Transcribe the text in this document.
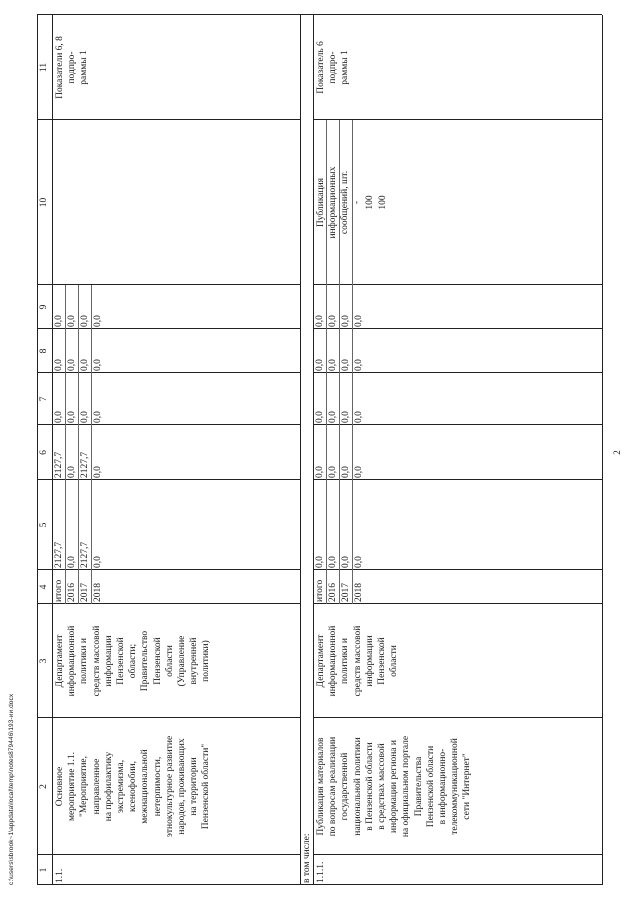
1
2
3
4
5
6
7
8
9
10
11
1.1.
Основное мероприятие 1.1. "Мероприятие, направленное на профилактику экстремизма, ксенофобии, межнациональной нетерпимости, этнокультурное развитие народов, проживающих на территории Пензенской области"
Департамент информационной политики и средств массовой информации Пензенской области; Правительство Пензенской области (Управление внутренней политики)
итого 2016 2017 2018
2127,7 0,0 2127,7 0,0
2127,7 0,0 2127,7 0,0
0,0 0,0 0,0 0,0
0,0 0,0 0,0 0,0
0,0 0,0 0,0 0,0
Показатели 6, 8 подпро- раммы 1
1.1.1.
Публикация материалов по вопросам реализации государственной национальной политики в Пензенской области в средствах массовой информации региона и на официальном портале Правительства Пензенской области в информационно- телекоммуникационной сети "Интернет"
Департамент информационной политики и средств массовой информации Пензенской области
итого 2016 2017 2018
0,0 0,0 0,0 0,0
0,0 0,0 0,0 0,0
0,0 0,0 0,0 0,0
0,0 0,0 0,0 0,0
0,0 0,0 0,0 0,0
Публикация информационных сообщений, шт. - 100 100
Показатель 6 подпро- раммы 1
в том числе:
2
c:\users\sbrook~1\appdata\local\temp\notes879446\193-ии.docx
